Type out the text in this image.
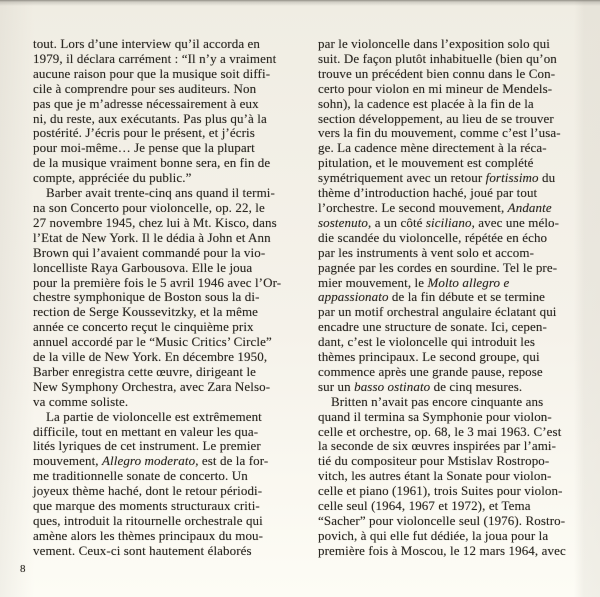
tout. Lors d’une interview qu’il accorda en
1979, il déclara carrément : “Il n’y a vraiment
aucune raison pour que la musique soit diffi-
cile à comprendre pour ses auditeurs. Non
pas que je m’adresse nécessairement à eux
ni, du reste, aux exécutants. Pas plus qu’à la
postérité. J’écris pour le présent, et j’écris
pour moi-même… Je pense que la plupart
de la musique vraiment bonne sera, en fin de
compte, appréciée du public.”
Barber avait trente-cinq ans quand il termi-
na son Concerto pour violoncelle, op. 22, le
27 novembre 1945, chez lui à Mt. Kisco, dans
l’Etat de New York. Il le dédia à John et Ann
Brown qui l’avaient commandé pour la vio-
loncelliste Raya Garbousova. Elle le joua
pour la première fois le 5 avril 1946 avec l’Or-
chestre symphonique de Boston sous la di-
rection de Serge Koussevitzky, et la même
année ce concerto reçut le cinquième prix
annuel accordé par le “Music Critics’ Circle”
de la ville de New York. En décembre 1950,
Barber enregistra cette œuvre, dirigeant le
New Symphony Orchestra, avec Zara Nelso-
va comme soliste.
La partie de violoncelle est extrêmement
difficile, tout en mettant en valeur les qua-
lités lyriques de cet instrument. Le premier
mouvement, Allegro moderato, est de la for-
me traditionnelle sonate de concerto. Un
joyeux thème haché, dont le retour périodi-
que marque des moments structuraux criti-
ques, introduit la ritournelle orchestrale qui
amène alors les thèmes principaux du mou-
vement. Ceux-ci sont hautement élaborés
par le violoncelle dans l’exposition solo qui
suit. De façon plutôt inhabituelle (bien qu’on
trouve un précédent bien connu dans le Con-
certo pour violon en mi mineur de Mendels-
sohn), la cadence est placée à la fin de la
section développement, au lieu de se trouver
vers la fin du mouvement, comme c’est l’usa-
ge. La cadence mène directement à la réca-
pitulation, et le mouvement est complété
symétriquement avec un retour fortissimo du
thème d’introduction haché, joué par tout
l’orchestre. Le second mouvement, Andante
sostenuto, a un côté siciliano, avec une mélo-
die scandée du violoncelle, répétée en écho
par les instruments à vent solo et accom-
pagnée par les cordes en sourdine. Tel le pre-
mier mouvement, le Molto allegro e
appassionato de la fin débute et se termine
par un motif orchestral angulaire éclatant qui
encadre une structure de sonate. Ici, cepen-
dant, c’est le violoncelle qui introduit les
thèmes principaux. Le second groupe, qui
commence après une grande pause, repose
sur un basso ostinato de cinq mesures.
Britten n’avait pas encore cinquante ans
quand il termina sa Symphonie pour violon-
celle et orchestre, op. 68, le 3 mai 1963. C’est
la seconde de six œuvres inspirées par l’ami-
tié du compositeur pour Mstislav Rostropo-
vitch, les autres étant la Sonate pour violon-
celle et piano (1961), trois Suites pour violon-
celle seul (1964, 1967 et 1972), et Tema
“Sacher” pour violoncelle seul (1976). Rostro-
povich, à qui elle fut dédiée, la joua pour la
première fois à Moscou, le 12 mars 1964, avec
8
